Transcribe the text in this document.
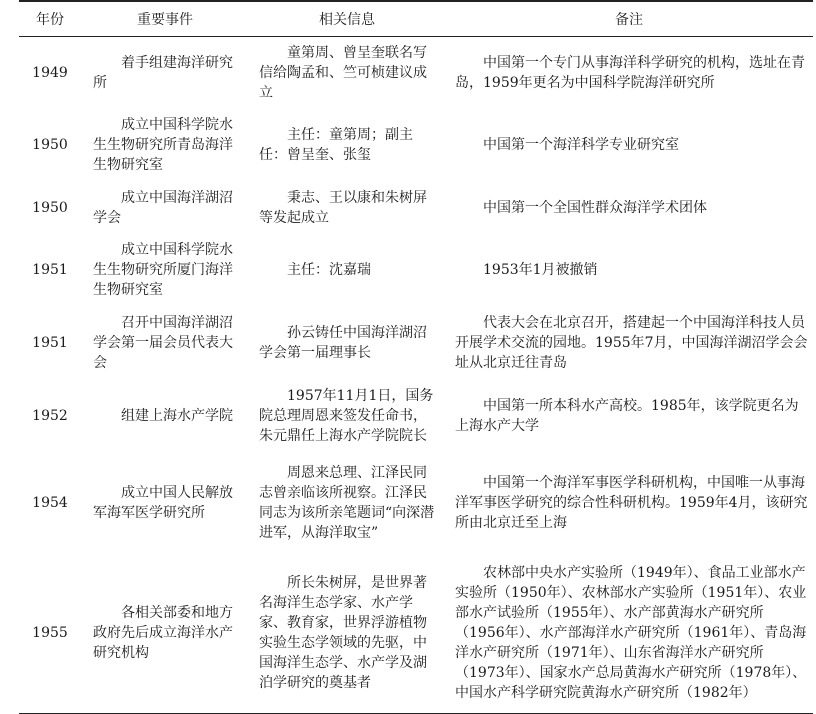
年份	重要事件	相关信息	备注
1949	着手组建海洋研究所	童第周、曾呈奎联名写信给陶孟和、竺可桢建议成立	中国第一个专门从事海洋科学研究的机构，选址在青岛，1959年更名为中国科学院海洋研究所
1950	成立中国科学院水生生物研究所青岛海洋生物研究室	主任：童第周；副主任：曾呈奎、张玺	中国第一个海洋科学专业研究室
1950	成立中国海洋湖沼学会	秉志、王以康和朱树屏等发起成立	中国第一个全国性群众海洋学术团体
1951	成立中国科学院水生生物研究所厦门海洋生物研究室	主任：沈嘉瑞	1953年1月被撤销
1951	召开中国海洋湖沼学会第一届会员代表大会	孙云铸任中国海洋湖沼学会第一届理事长	代表大会在北京召开，搭建起一个中国海洋科技人员开展学术交流的园地。1955年7月，中国海洋湖沼学会会址从北京迁往青岛
1952	组建上海水产学院	1957年11月1日，国务院总理周恩来签发任命书，朱元鼎任上海水产学院院长	中国第一所本科水产高校。1985年，该学院更名为上海水产大学
1954	成立中国人民解放军海军医学研究所	周恩来总理、江泽民同志曾亲临该所视察。江泽民同志为该所亲笔题词“向深潜进军，从海洋取宝”	中国第一个海洋军事医学科研机构，中国唯一从事海洋军事医学研究的综合性科研机构。1959年4月，该研究所由北京迁至上海
1955	各相关部委和地方政府先后成立海洋水产研究机构	所长朱树屏，是世界著名海洋生态学家、水产学家、教育家，世界浮游植物实验生态学领域的先驱，中国海洋生态学、水产学及湖泊学研究的奠基者	农林部中央水产实验所（1949年）、食品工业部水产实验所（1950年）、农林部水产实验所（1951年）、农业部水产试验所（1955年）、水产部黄海水产研究所（1956年）、水产部海洋水产研究所（1961年）、青岛海洋水产研究所（1971年）、山东省海洋水产研究所（1973年）、国家水产总局黄海水产研究所（1978年）、中国水产科学研究院黄海水产研究所（1982年）
